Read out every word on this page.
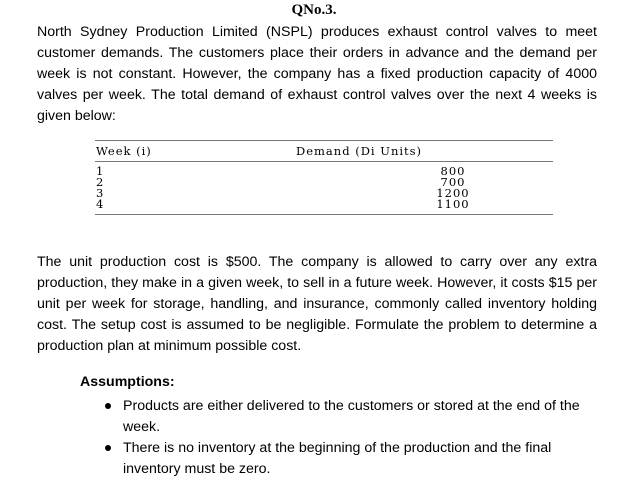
QNo.3.

North Sydney Production Limited (NSPL) produces exhaust control valves to meet customer demands. The customers place their orders in advance and the demand per week is not constant. However, the company has a fixed production capacity of 4000 valves per week. The total demand of exhaust control valves over the next 4 weeks is given below:

Week (i)	Demand (Di Units)
1
2
3
4
800
700
1200
1100

The unit production cost is $500. The company is allowed to carry over any extra production, they make in a given week, to sell in a future week. However, it costs $15 per unit per week for storage, handling, and insurance, commonly called inventory holding cost. The setup cost is assumed to be negligible. Formulate the problem to determine a production plan at minimum possible cost.

Assumptions:
Products are either delivered to the customers or stored at the end of the week.
There is no inventory at the beginning of the production and the final inventory must be zero.
